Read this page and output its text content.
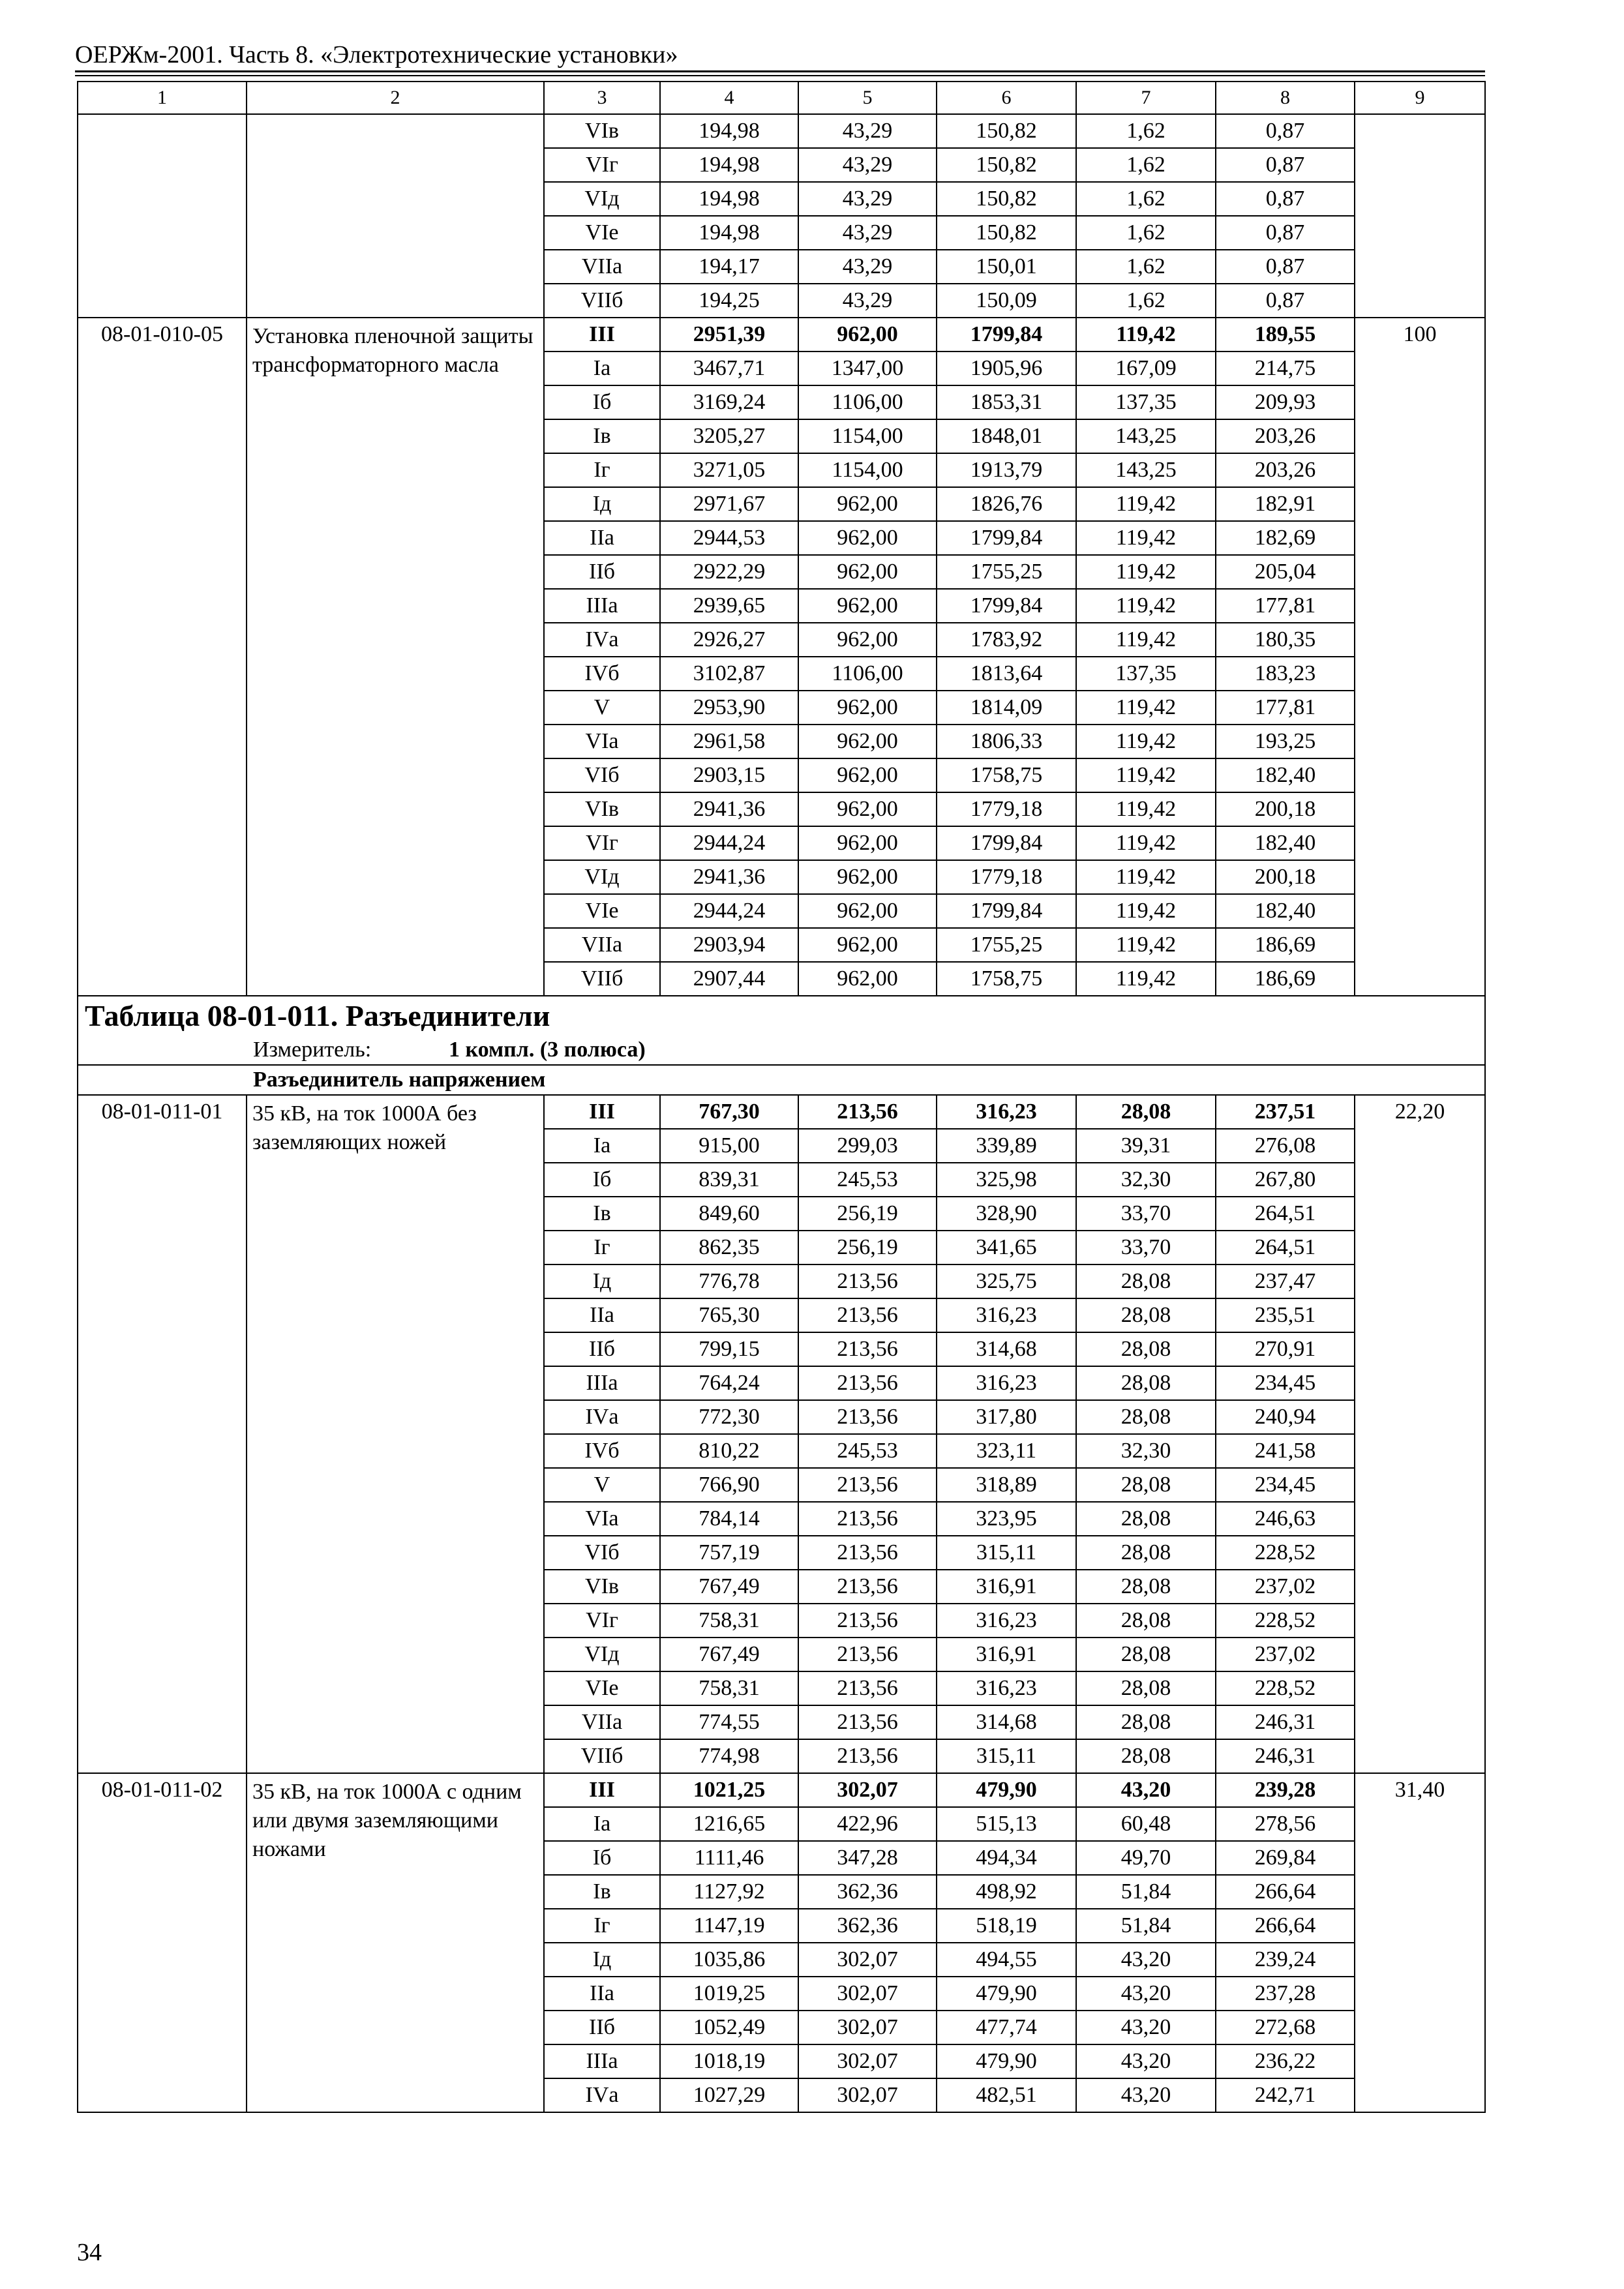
ОЕРЖм-2001. Часть 8. «Электротехнические установки»
1	2	3	4	5	6	7	8	9
		VIв	194,98	43,29	150,82	1,62	0,87	
		VIг	194,98	43,29	150,82	1,62	0,87	
		VIд	194,98	43,29	150,82	1,62	0,87	
		VIе	194,98	43,29	150,82	1,62	0,87	
		VIIа	194,17	43,29	150,01	1,62	0,87	
		VIIб	194,25	43,29	150,09	1,62	0,87	
08-01-010-05	Установка пленочной защиты трансформаторного масла	III	2951,39	962,00	1799,84	119,42	189,55	100
		Iа	3467,71	1347,00	1905,96	167,09	214,75	
		Iб	3169,24	1106,00	1853,31	137,35	209,93	
		Iв	3205,27	1154,00	1848,01	143,25	203,26	
		Iг	3271,05	1154,00	1913,79	143,25	203,26	
		Iд	2971,67	962,00	1826,76	119,42	182,91	
		IIа	2944,53	962,00	1799,84	119,42	182,69	
		IIб	2922,29	962,00	1755,25	119,42	205,04	
		IIIа	2939,65	962,00	1799,84	119,42	177,81	
		IVа	2926,27	962,00	1783,92	119,42	180,35	
		IVб	3102,87	1106,00	1813,64	137,35	183,23	
		V	2953,90	962,00	1814,09	119,42	177,81	
		VIа	2961,58	962,00	1806,33	119,42	193,25	
		VIб	2903,15	962,00	1758,75	119,42	182,40	
		VIв	2941,36	962,00	1779,18	119,42	200,18	
		VIг	2944,24	962,00	1799,84	119,42	182,40	
		VIд	2941,36	962,00	1779,18	119,42	200,18	
		VIе	2944,24	962,00	1799,84	119,42	182,40	
		VIIа	2903,94	962,00	1755,25	119,42	186,69	
		VIIб	2907,44	962,00	1758,75	119,42	186,69	
Таблица 08-01-011. Разъединители								
Измеритель: 1 компл. (3 полюса)								
Разъединитель напряжением								
08-01-011-01	35 кВ, на ток 1000А без заземляющих ножей	III	767,30	213,56	316,23	28,08	237,51	22,20
		Iа	915,00	299,03	339,89	39,31	276,08	
		Iб	839,31	245,53	325,98	32,30	267,80	
		Iв	849,60	256,19	328,90	33,70	264,51	
		Iг	862,35	256,19	341,65	33,70	264,51	
		Iд	776,78	213,56	325,75	28,08	237,47	
		IIа	765,30	213,56	316,23	28,08	235,51	
		IIб	799,15	213,56	314,68	28,08	270,91	
		IIIа	764,24	213,56	316,23	28,08	234,45	
		IVа	772,30	213,56	317,80	28,08	240,94	
		IVб	810,22	245,53	323,11	32,30	241,58	
		V	766,90	213,56	318,89	28,08	234,45	
		VIа	784,14	213,56	323,95	28,08	246,63	
		VIб	757,19	213,56	315,11	28,08	228,52	
		VIв	767,49	213,56	316,91	28,08	237,02	
		VIг	758,31	213,56	316,23	28,08	228,52	
		VIд	767,49	213,56	316,91	28,08	237,02	
		VIе	758,31	213,56	316,23	28,08	228,52	
		VIIа	774,55	213,56	314,68	28,08	246,31	
		VIIб	774,98	213,56	315,11	28,08	246,31	
08-01-011-02	35 кВ, на ток 1000А с одним или двумя заземляющими ножами	III	1021,25	302,07	479,90	43,20	239,28	31,40
		Iа	1216,65	422,96	515,13	60,48	278,56	
		Iб	1111,46	347,28	494,34	49,70	269,84	
		Iв	1127,92	362,36	498,92	51,84	266,64	
		Iг	1147,19	362,36	518,19	51,84	266,64	
		Iд	1035,86	302,07	494,55	43,20	239,24	
		IIа	1019,25	302,07	479,90	43,20	237,28	
		IIб	1052,49	302,07	477,74	43,20	272,68	
		IIIа	1018,19	302,07	479,90	43,20	236,22	
		IVа	1027,29	302,07	482,51	43,20	242,71	
34
